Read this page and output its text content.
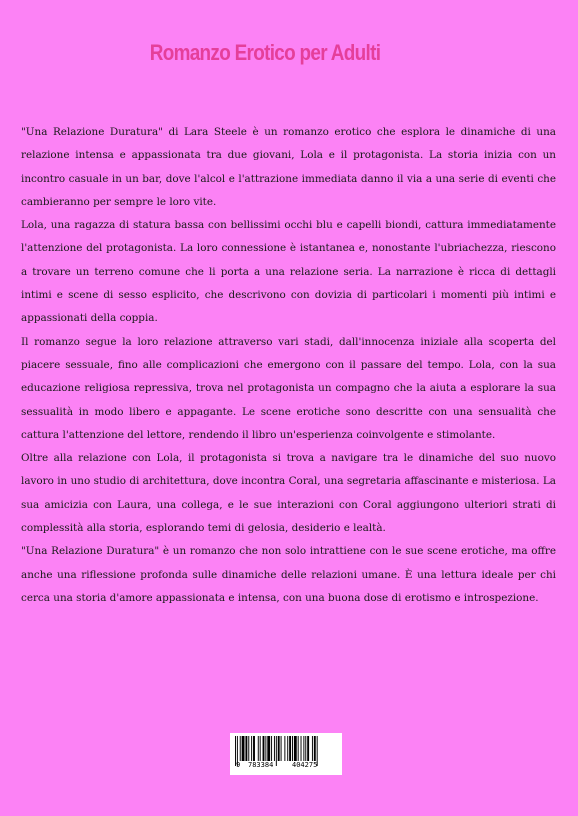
Romanzo Erotico per Adulti

"Una Relazione Duratura" di Lara Steele è un romanzo erotico che esplora le dinamiche di una relazione intensa e appassionata tra due giovani, Lola e il protagonista. La storia inizia con un incontro casuale in un bar, dove l'alcol e l'attrazione immediata danno il via a una serie di eventi che cambieranno per sempre le loro vite.

Lola, una ragazza di statura bassa con bellissimi occhi blu e capelli biondi, cattura immediatamente l'attenzione del protagonista. La loro connessione è istantanea e, nonostante l'ubriachezza, riescono a trovare un terreno comune che li porta a una relazione seria. La narrazione è ricca di dettagli intimi e scene di sesso esplicito, che descrivono con dovizia di particolari i momenti più intimi e appassionati della coppia.

Il romanzo segue la loro relazione attraverso vari stadi, dall'innocenza iniziale alla scoperta del piacere sessuale, fino alle complicazioni che emergono con il passare del tempo. Lola, con la sua educazione religiosa repressiva, trova nel protagonista un compagno che la aiuta a esplorare la sua sessualità in modo libero e appagante. Le scene erotiche sono descritte con una sensualità che cattura l'attenzione del lettore, rendendo il libro un'esperienza coinvolgente e stimolante.

Oltre alla relazione con Lola, il protagonista si trova a navigare tra le dinamiche del suo nuovo lavoro in uno studio di architettura, dove incontra Coral, una segretaria affascinante e misteriosa. La sua amicizia con Laura, una collega, e le sue interazioni con Coral aggiungono ulteriori strati di complessità alla storia, esplorando temi di gelosia, desiderio e lealtà.

"Una Relazione Duratura" è un romanzo che non solo intrattiene con le sue scene erotiche, ma offre anche una riflessione profonda sulle dinamiche delle relazioni umane. È una lettura ideale per chi cerca una storia d'amore appassionata e intensa, con una buona dose di erotismo e introspezione.

9 783384	404275
